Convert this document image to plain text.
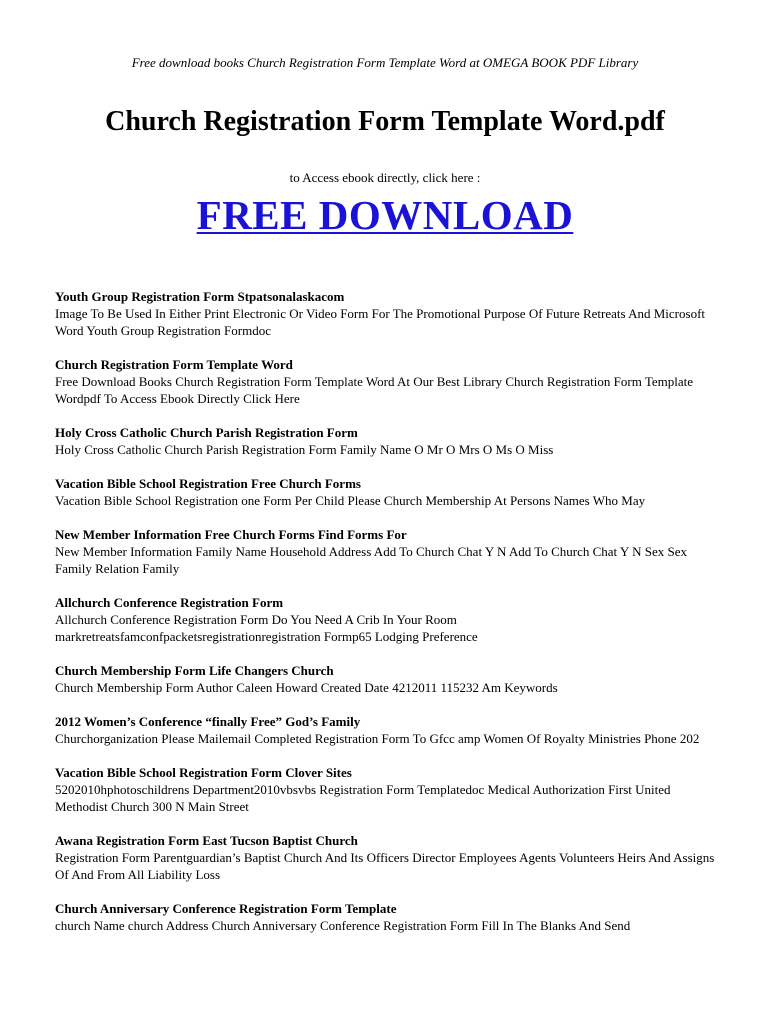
Free download books Church Registration Form Template Word at OMEGA BOOK PDF Library
Church Registration Form Template Word.pdf
to Access ebook directly, click here :
FREE DOWNLOAD
Youth Group Registration Form Stpatsonalaskacom
Image To Be Used In Either Print Electronic Or Video Form For The Promotional Purpose Of Future Retreats And Microsoft Word Youth Group Registration Formdoc
Church Registration Form Template Word
Free Download Books Church Registration Form Template Word At Our Best Library Church Registration Form Template Wordpdf To Access Ebook Directly Click Here
Holy Cross Catholic Church Parish Registration Form
Holy Cross Catholic Church Parish Registration Form Family Name O Mr O Mrs O Ms O Miss
Vacation Bible School Registration Free Church Forms
Vacation Bible School Registration one Form Per Child Please Church Membership At Persons Names Who May
New Member Information Free Church Forms Find Forms For
New Member Information Family Name Household Address Add To Church Chat Y N Add To Church Chat Y N Sex Sex Family Relation Family
Allchurch Conference Registration Form
Allchurch Conference Registration Form Do You Need A Crib In Your Room markretreatsfamconfpacketsregistrationregistration Formp65 Lodging Preference
Church Membership Form Life Changers Church
Church Membership Form Author Caleen Howard Created Date 4212011 115232 Am Keywords
2012 Women’s Conference “finally Free” God’s Family
Churchorganization Please Mailemail Completed Registration Form To Gfcc amp Women Of Royalty Ministries Phone 202
Vacation Bible School Registration Form Clover Sites
5202010hphotoschildrens Department2010vbsvbs Registration Form Templatedoc Medical Authorization First United Methodist Church 300 N Main Street
Awana Registration Form East Tucson Baptist Church
Registration Form Parentguardian’s Baptist Church And Its Officers Director Employees Agents Volunteers Heirs And Assigns Of And From All Liability Loss
Church Anniversary Conference Registration Form Template
church Name church Address Church Anniversary Conference Registration Form Fill In The Blanks And Send
